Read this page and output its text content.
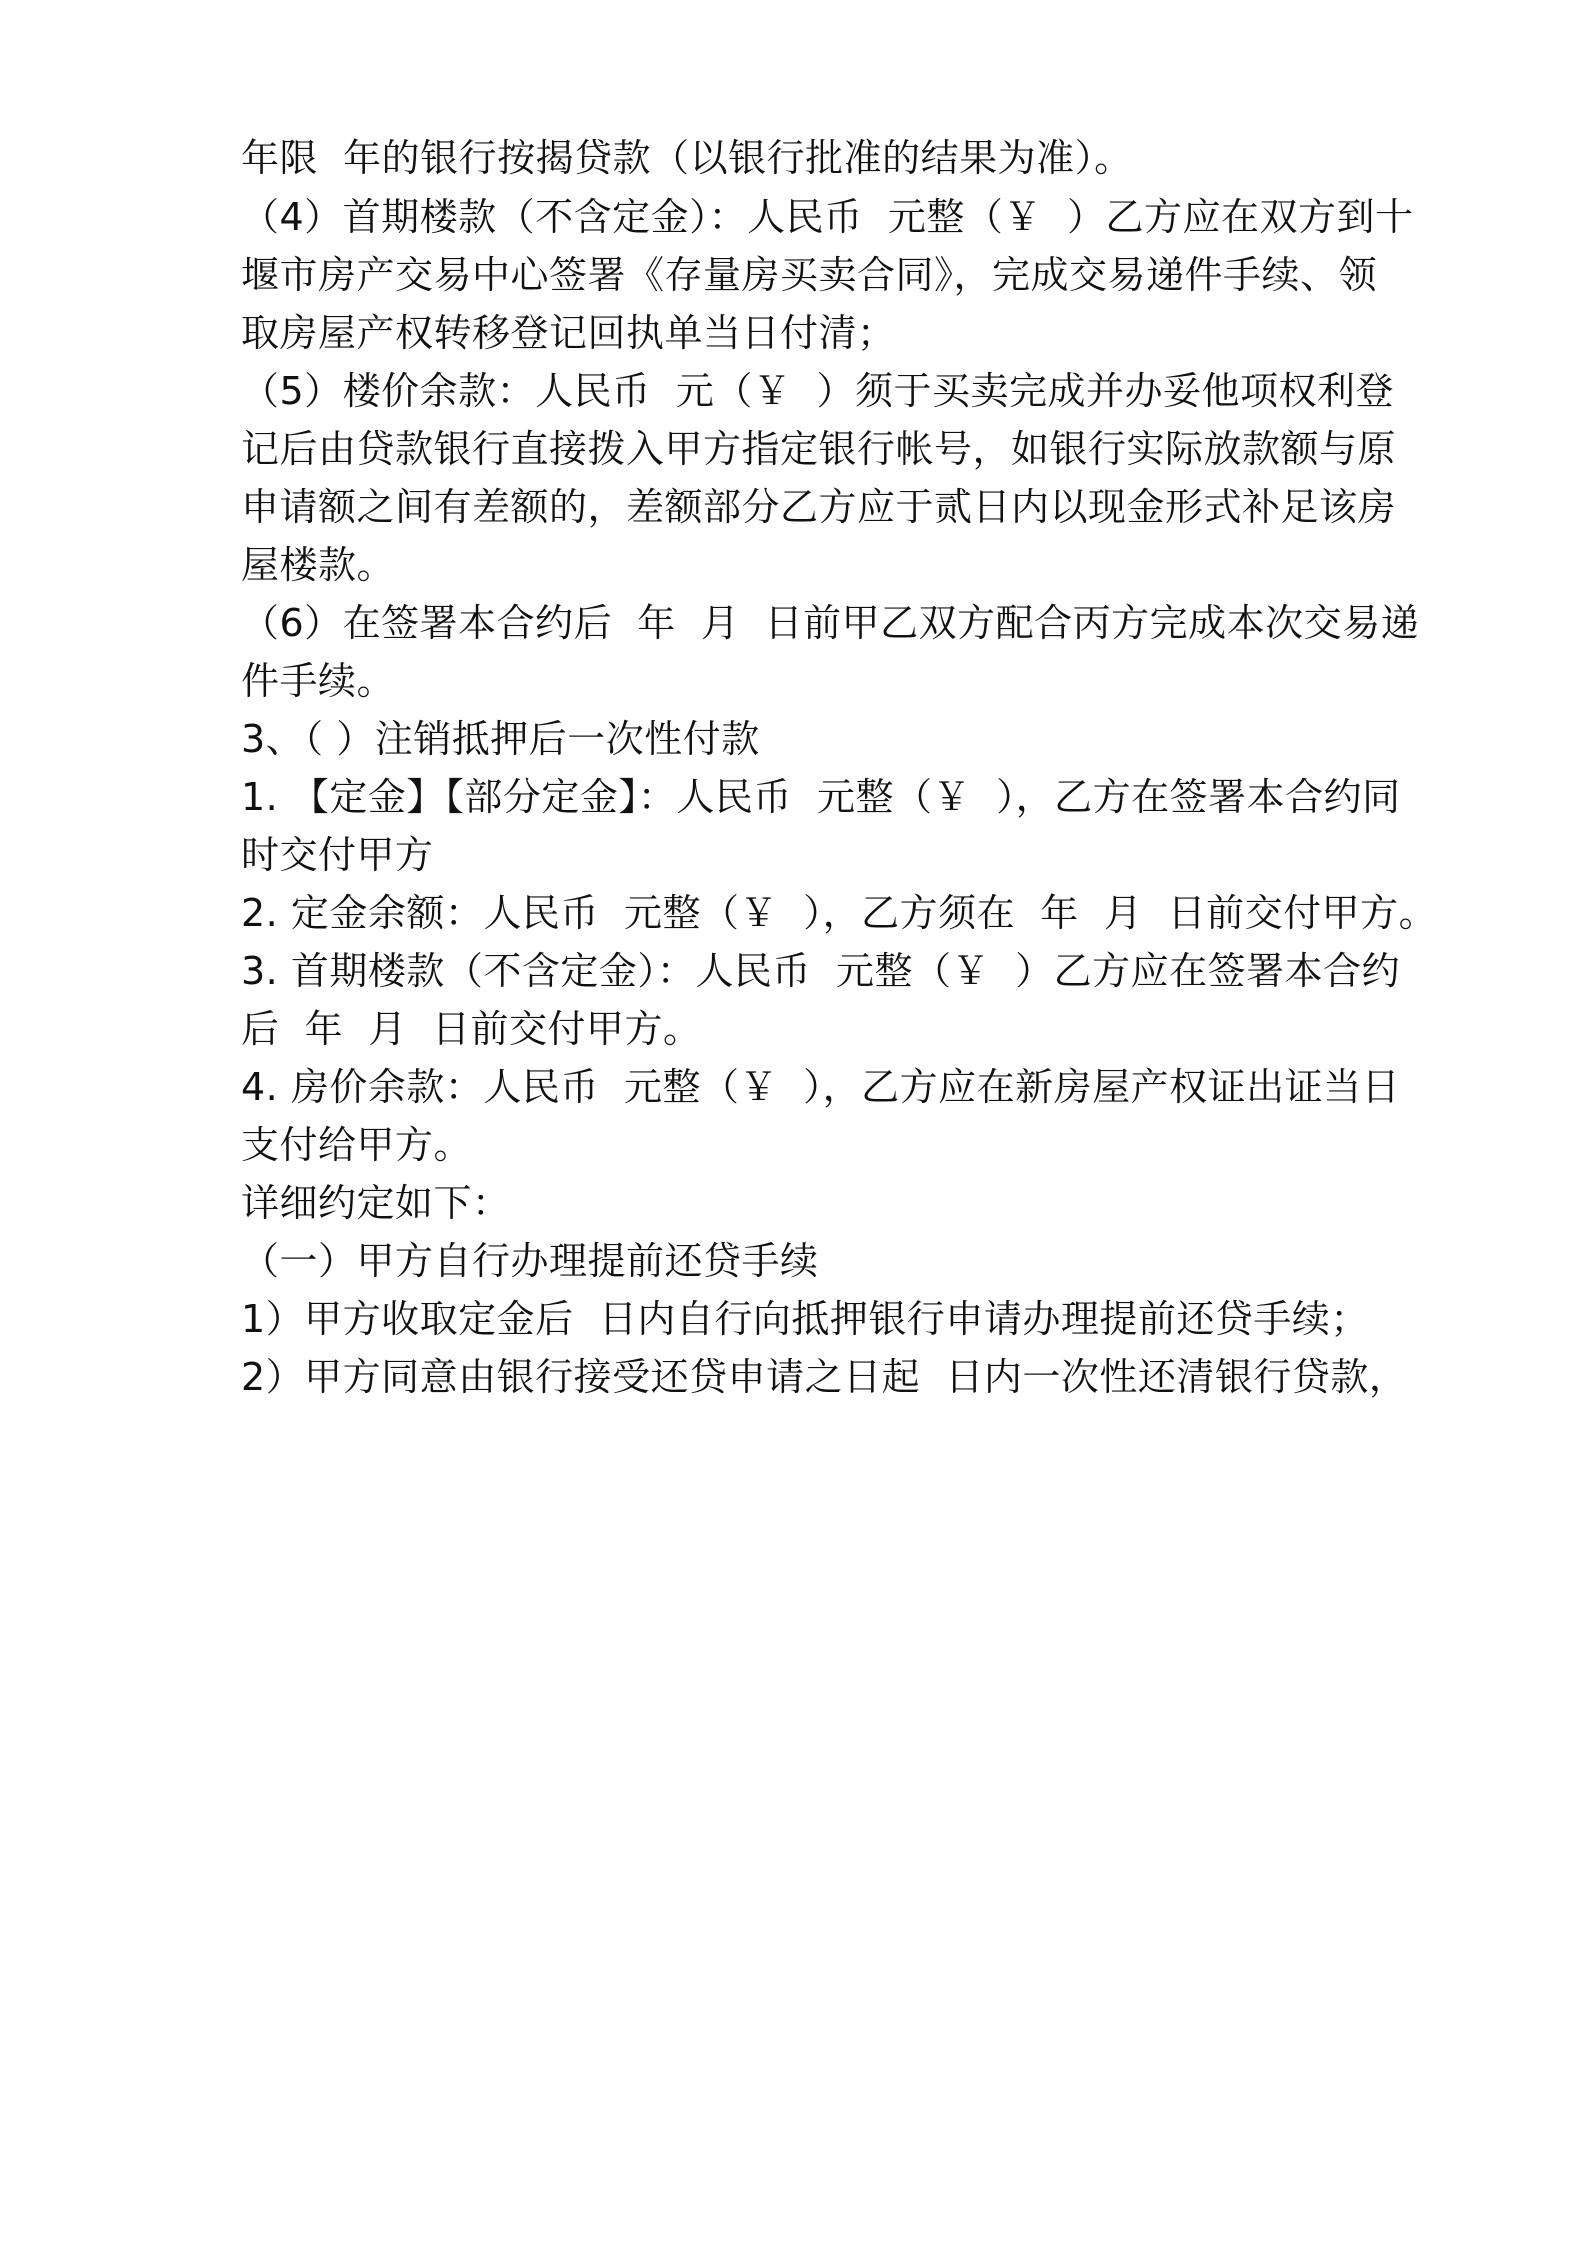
年限  年的银行按揭贷款（以银行批准的结果为准）。
（4）首期楼款（不含定金）：人民币  元整（￥  ）乙方应在双方到十
堰市房产交易中心签署《存量房买卖合同》，完成交易递件手续、领
取房屋产权转移登记回执单当日付清；
（5）楼价余款：人民币  元（￥  ）须于买卖完成并办妥他项权利登
记后由贷款银行直接拨入甲方指定银行帐号，如银行实际放款额与原
申请额之间有差额的，差额部分乙方应于贰日内以现金形式补足该房
屋楼款。
（6）在签署本合约后  年  月  日前甲乙双方配合丙方完成本次交易递
件手续。
3、（ ）注销抵押后一次性付款
1. 【定金】【部分定金】：人民币  元整（￥  ），乙方在签署本合约同
时交付甲方
2. 定金余额：人民币  元整（￥  ），乙方须在  年  月  日前交付甲方。
3. 首期楼款（不含定金）：人民币  元整（￥  ）乙方应在签署本合约
后  年  月  日前交付甲方。
4. 房价余款：人民币  元整（￥  ），乙方应在新房屋产权证出证当日
支付给甲方。
详细约定如下：
（一）甲方自行办理提前还贷手续
1）甲方收取定金后  日内自行向抵押银行申请办理提前还贷手续；
2）甲方同意由银行接受还贷申请之日起  日内一次性还清银行贷款，
